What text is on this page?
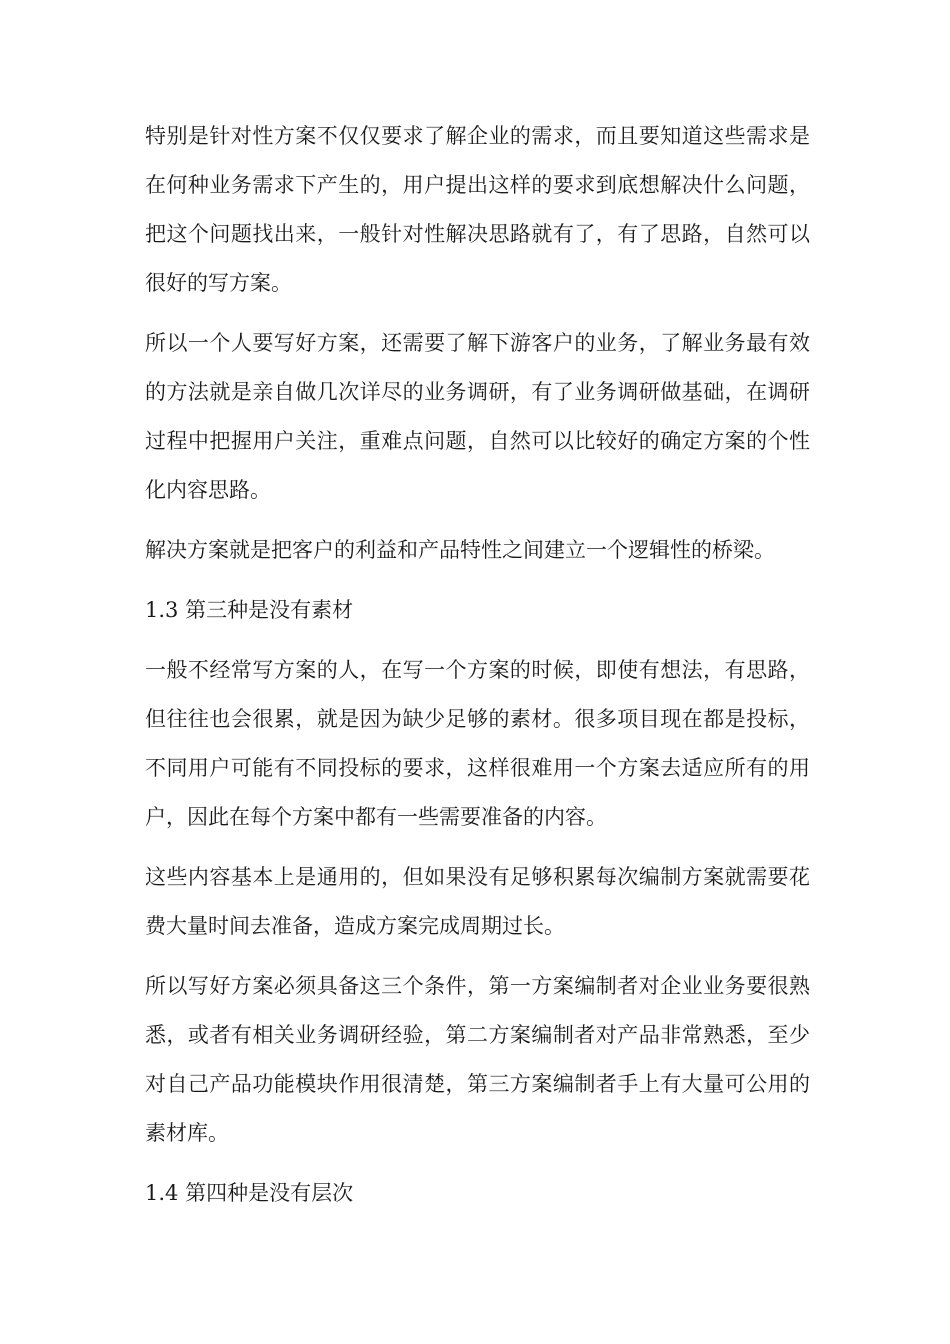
特别是针对性方案不仅仅要求了解企业的需求，而且要知道这些需求是在何种业务需求下产生的，用户提出这样的要求到底想解决什么问题，把这个问题找出来，一般针对性解决思路就有了，有了思路，自然可以很好的写方案。

所以一个人要写好方案，还需要了解下游客户的业务，了解业务最有效的方法就是亲自做几次详尽的业务调研，有了业务调研做基础，在调研过程中把握用户关注，重难点问题，自然可以比较好的确定方案的个性化内容思路。

解决方案就是把客户的利益和产品特性之间建立一个逻辑性的桥梁。

1.3 第三种是没有素材

一般不经常写方案的人，在写一个方案的时候，即使有想法，有思路，但往往也会很累，就是因为缺少足够的素材。很多项目现在都是投标，不同用户可能有不同投标的要求，这样很难用一个方案去适应所有的用户，因此在每个方案中都有一些需要准备的内容。

这些内容基本上是通用的，但如果没有足够积累每次编制方案就需要花费大量时间去准备，造成方案完成周期过长。

所以写好方案必须具备这三个条件，第一方案编制者对企业业务要很熟悉，或者有相关业务调研经验，第二方案编制者对产品非常熟悉，至少对自己产品功能模块作用很清楚，第三方案编制者手上有大量可公用的素材库。

1.4 第四种是没有层次
